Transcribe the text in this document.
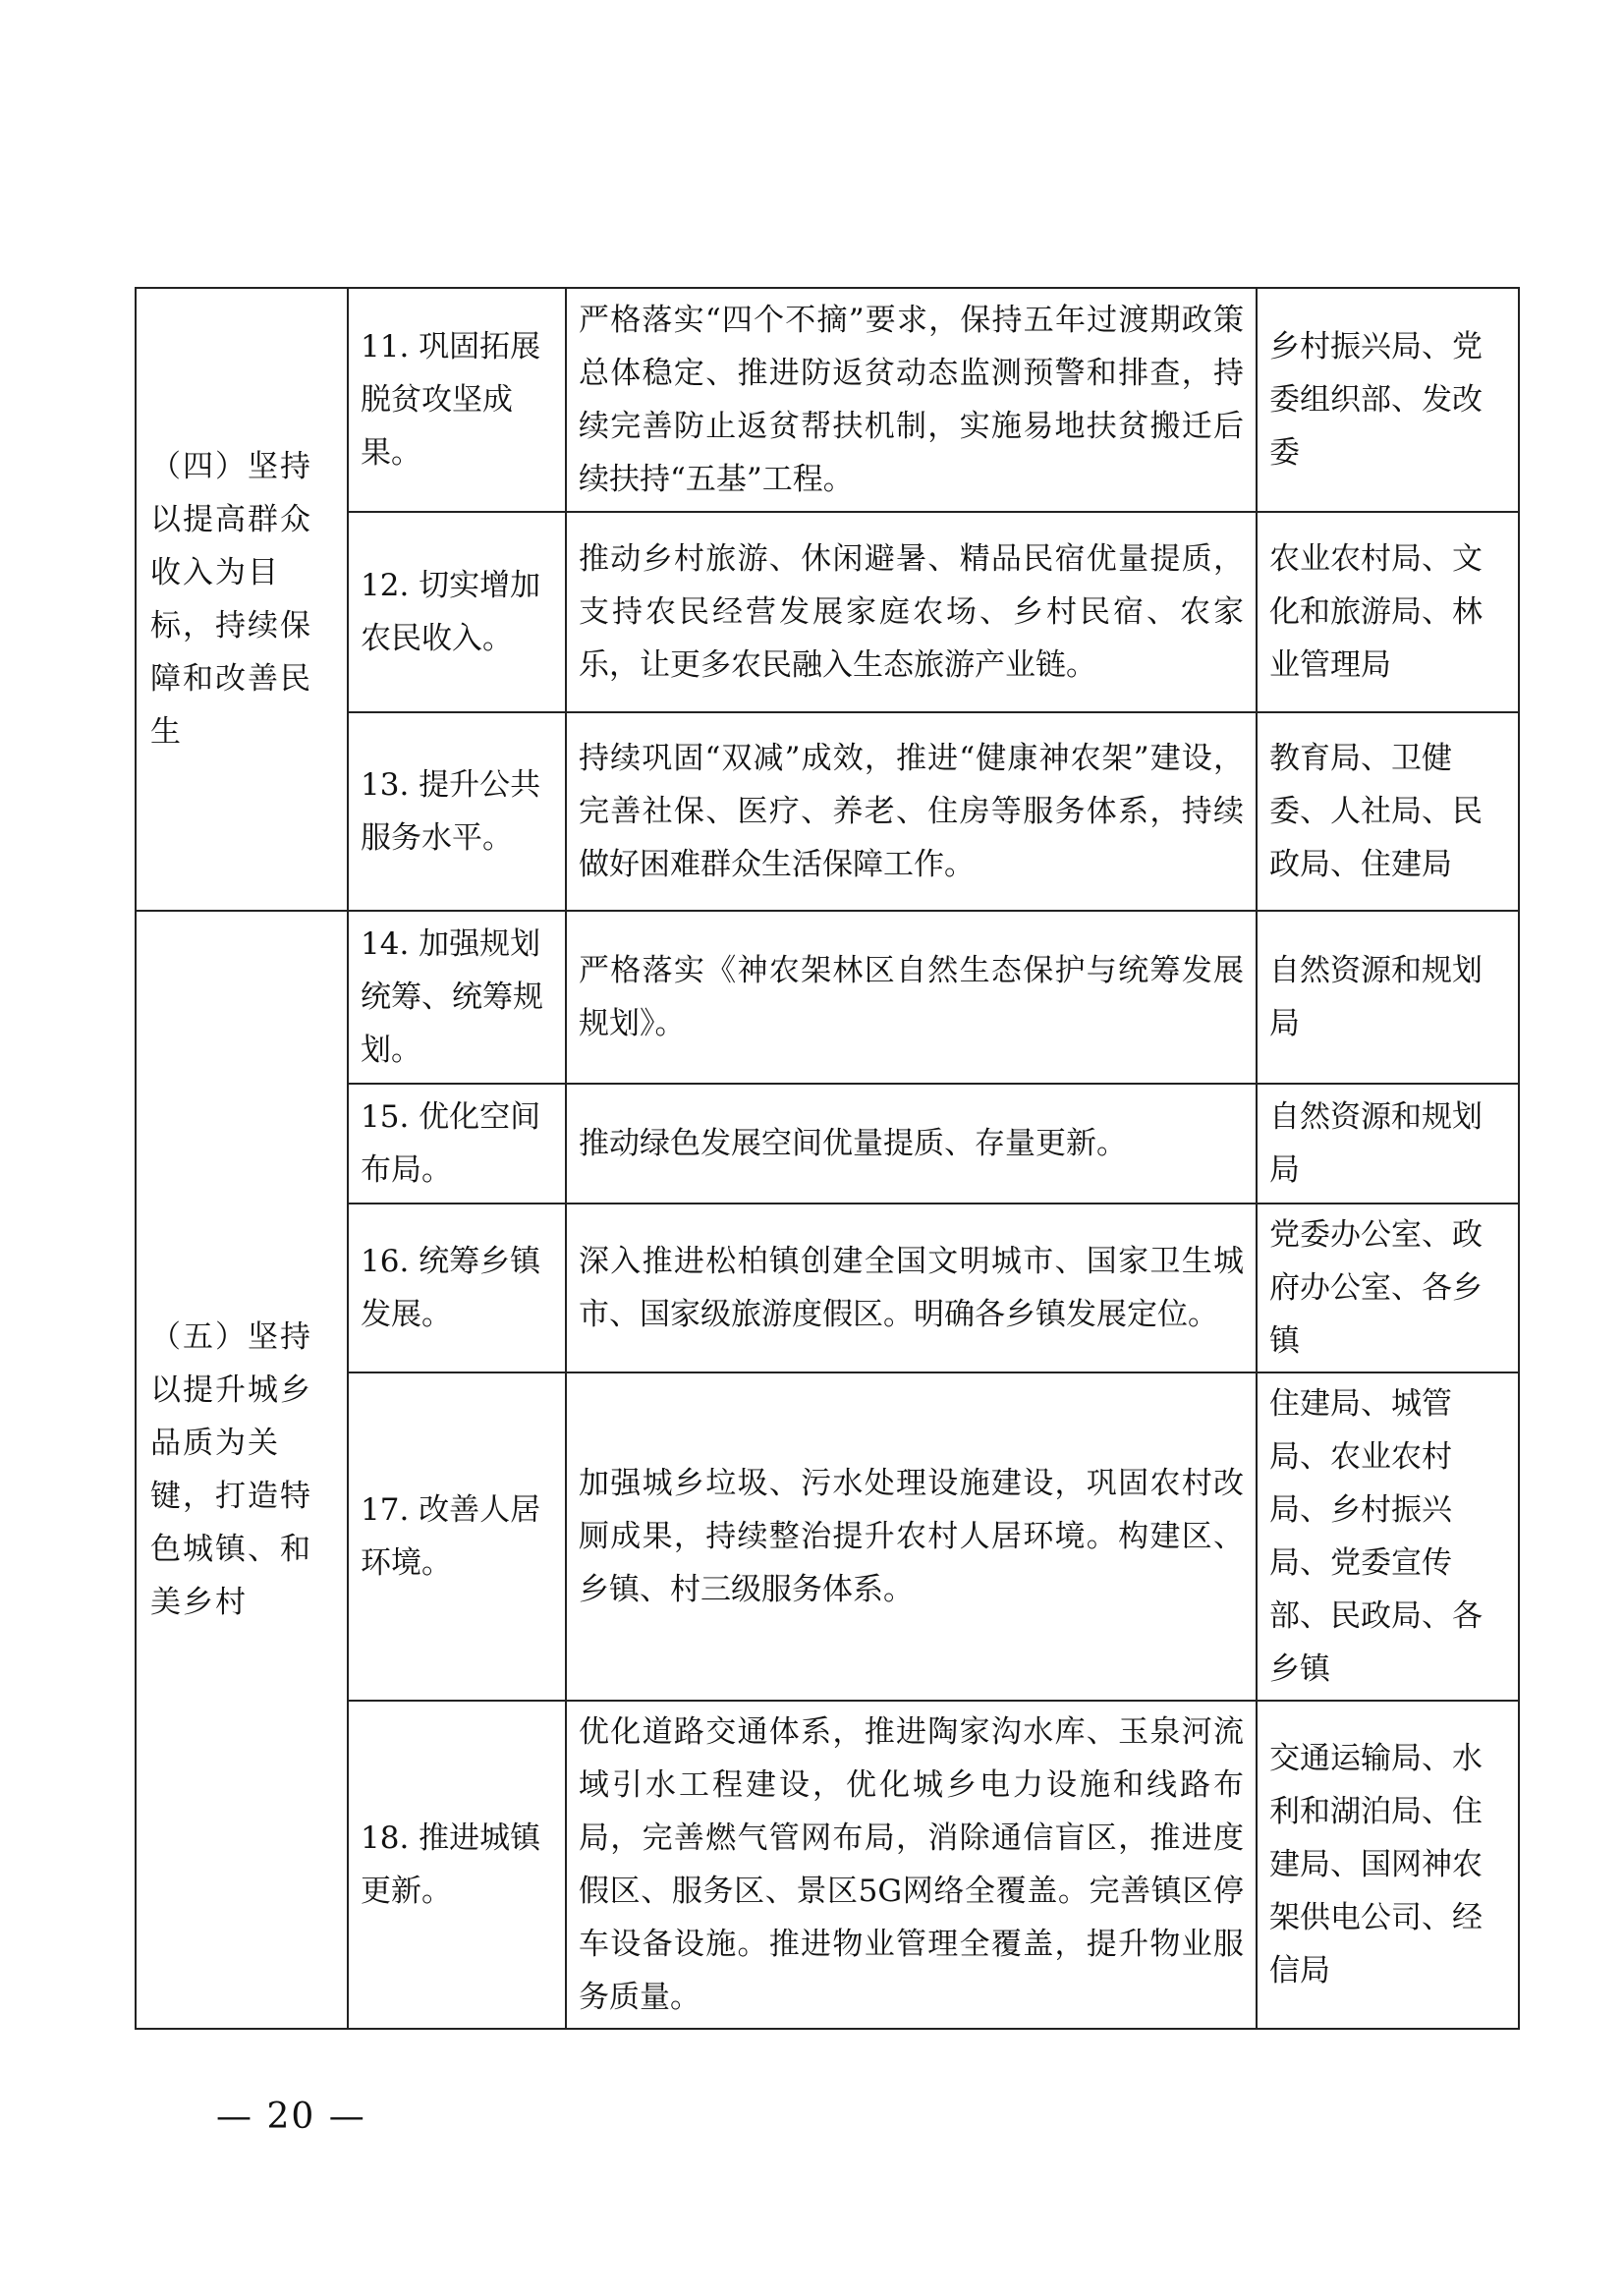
（四）坚持以提高群众收入为目标，持续保障和改善民生	11. 巩固拓展脱贫攻坚成果。	严格落实“四个不摘”要求，保持五年过渡期政策总体稳定、推进防返贫动态监测预警和排查，持续完善防止返贫帮扶机制，实施易地扶贫搬迁后续扶持“五基”工程。	乡村振兴局、党委组织部、发改委
	12. 切实增加农民收入。	推动乡村旅游、休闲避暑、精品民宿优量提质，支持农民经营发展家庭农场、乡村民宿、农家乐，让更多农民融入生态旅游产业链。	农业农村局、文化和旅游局、林业管理局
	13. 提升公共服务水平。	持续巩固“双减”成效，推进“健康神农架”建设，完善社保、医疗、养老、住房等服务体系，持续做好困难群众生活保障工作。	教育局、卫健委、人社局、民政局、住建局
（五）坚持以提升城乡品质为关键，打造特色城镇、和美乡村	14. 加强规划统筹、统筹规划。	严格落实《神农架林区自然生态保护与统筹发展规划》。	自然资源和规划局
	15. 优化空间布局。	推动绿色发展空间优量提质、存量更新。	自然资源和规划局
	16. 统筹乡镇发展。	深入推进松柏镇创建全国文明城市、国家卫生城市、国家级旅游度假区。明确各乡镇发展定位。	党委办公室、政府办公室、各乡镇
	17. 改善人居环境。	加强城乡垃圾、污水处理设施建设，巩固农村改厕成果，持续整治提升农村人居环境。构建区、乡镇、村三级服务体系。	住建局、城管局、农业农村局、乡村振兴局、党委宣传部、民政局、各乡镇
	18. 推进城镇更新。	优化道路交通体系，推进陶家沟水库、玉泉河流域引水工程建设，优化城乡电力设施和线路布局，完善燃气管网布局，消除通信盲区，推进度假区、服务区、景区5G网络全覆盖。完善镇区停车设备设施。推进物业管理全覆盖，提升物业服务质量。	交通运输局、水利和湖泊局、住建局、国网神农架供电公司、经信局
— 20 —
